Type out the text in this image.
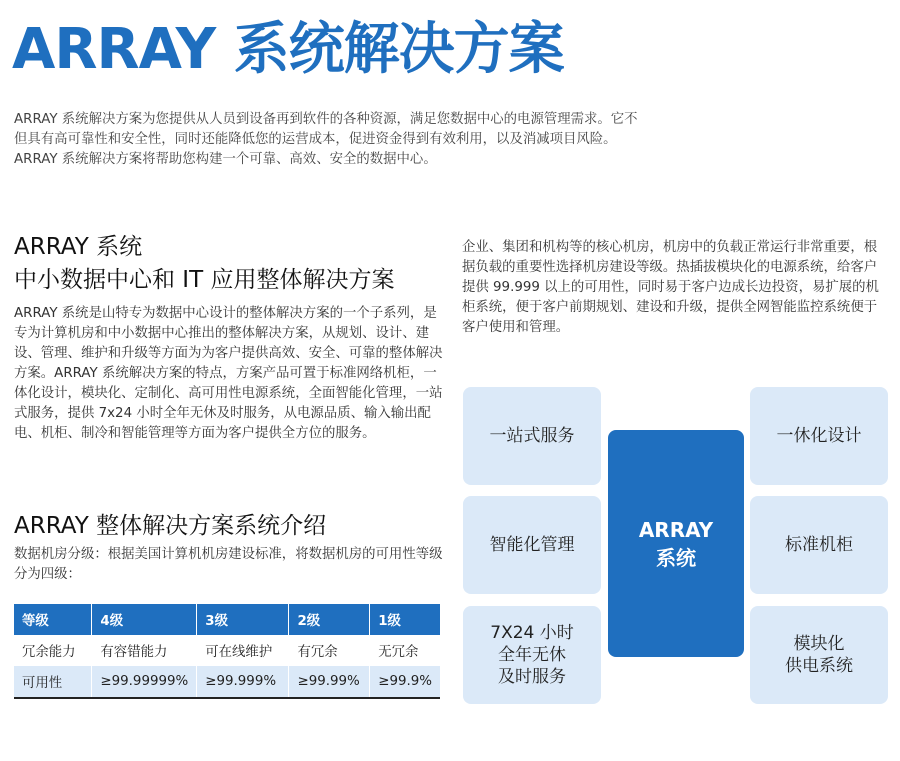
ARRAY 系统解决方案

ARRAY 系统解决方案为您提供从人员到设备再到软件的各种资源，满足您数据中心的电源管理需求。它不但具有高可靠性和安全性，同时还能降低您的运营成本，促进资金得到有效利用，以及消减项目风险。ARRAY 系统解决方案将帮助您构建一个可靠、高效、安全的数据中心。

ARRAY 系统
中小数据中心和 IT 应用整体解决方案

ARRAY 系统是山特专为数据中心设计的整体解决方案的一个子系列，是专为计算机房和中小数据中心推出的整体解决方案，从规划、设计、建设、管理、维护和升级等方面为为客户提供高效、安全、可靠的整体解决方案。ARRAY 系统解决方案的特点，方案产品可置于标准网络机柜，一体化设计，模块化、定制化、高可用性电源系统，全面智能化管理，一站式服务，提供 7x24 小时全年无休及时服务，从电源品质、输入输出配电、机柜、制冷和智能管理等方面为客户提供全方位的服务。

ARRAY 整体解决方案系统介绍

数据机房分级：根据美国计算机机房建设标准，将数据机房的可用性等级分为四级：

等级	4级	3级	2级	1级
冗余能力	有容错能力	可在线维护	有冗余	无冗余
可用性	≥99.99999%	≥99.999%	≥99.99%	≥99.9%

企业、集团和机构等的核心机房，机房中的负载正常运行非常重要，根据负载的重要性选择机房建设等级。热插拔模块化的电源系统，给客户提供 99.999 以上的可用性，同时易于客户边成长边投资，易扩展的机柜系统，便于客户前期规划、建设和升级，提供全网智能监控系统便于客户使用和管理。

一站式服务
智能化管理
7X24 小时
全年无休
及时服务
ARRAY
系统
一休化设计
标准机柜
模块化
供电系统
